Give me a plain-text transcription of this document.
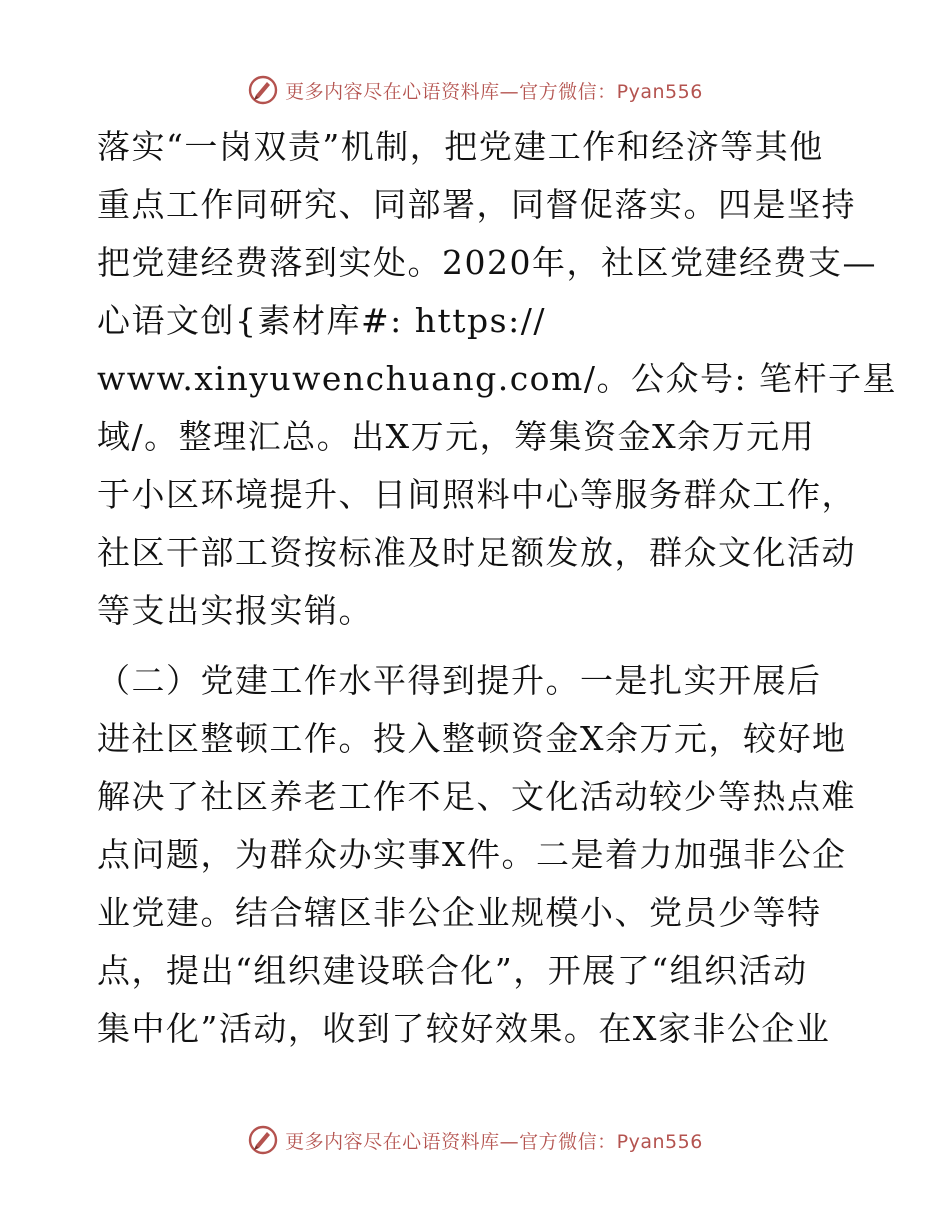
更多内容尽在心语资料库—官方微信：Pyan556

落实“一岗双责”机制，把党建工作和经济等其他
重点工作同研究、同部署，同督促落实。四是坚持
把党建经费落到实处。2020年，社区党建经费支—
心语文创{素材库#: https://
www.xinyuwenchuang.com/。公众号: 笔杆子星
域/。整理汇总。出X万元，筹集资金X余万元用
于小区环境提升、日间照料中心等服务群众工作，
社区干部工资按标准及时足额发放，群众文化活动
等支出实报实销。

（二）党建工作水平得到提升。一是扎实开展后
进社区整顿工作。投入整顿资金X余万元，较好地
解决了社区养老工作不足、文化活动较少等热点难
点问题，为群众办实事X件。二是着力加强非公企
业党建。结合辖区非公企业规模小、党员少等特
点，提出“组织建设联合化”，开展了“组织活动
集中化”活动，收到了较好效果。在X家非公企业

更多内容尽在心语资料库—官方微信：Pyan556
